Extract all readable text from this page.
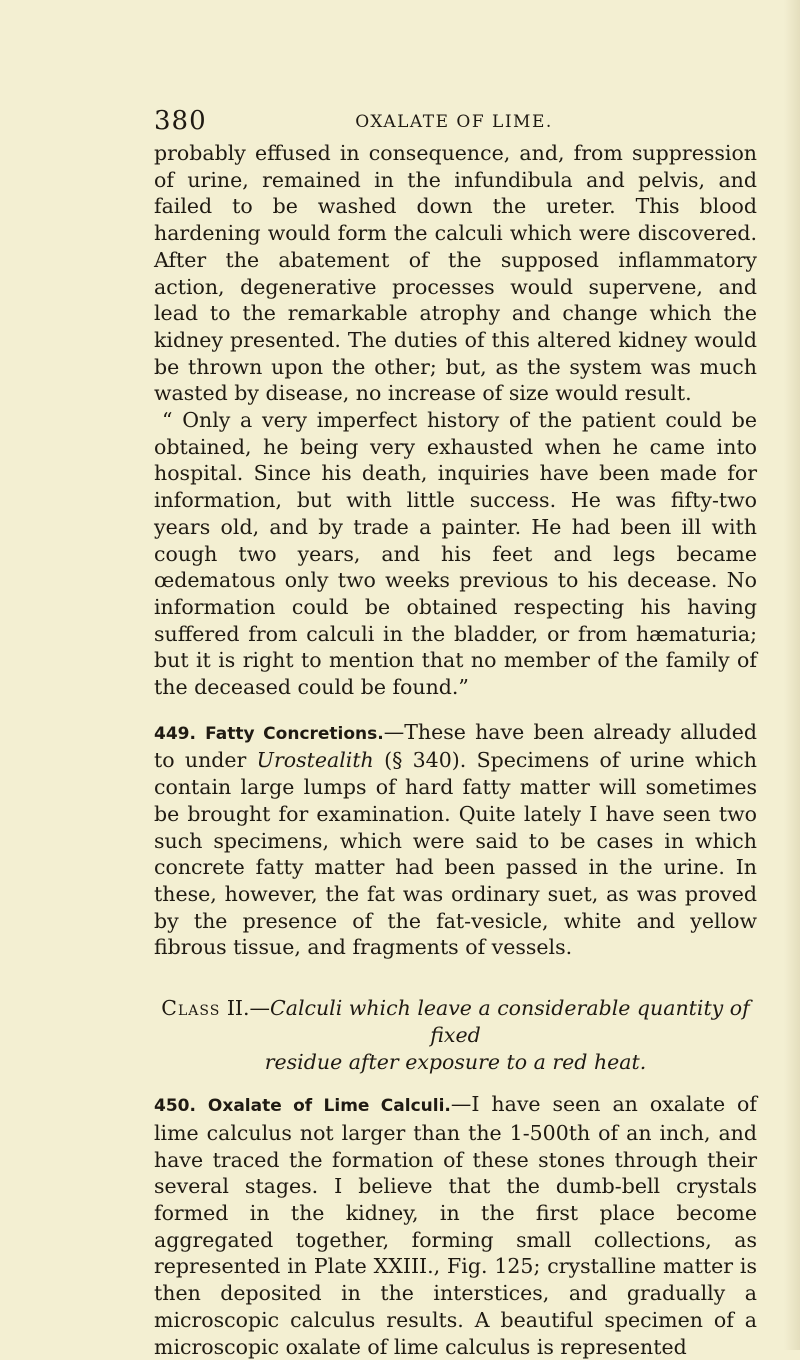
380	OXALATE OF LIME.

probably effused in consequence, and, from suppression of urine, remained in the infundibula and pelvis, and failed to be washed down the ureter. This blood hardening would form the calculi which were discovered. After the abatement of the supposed inflammatory action, degenerative processes would supervene, and lead to the remarkable atrophy and change which the kidney presented. The duties of this altered kidney would be thrown upon the other; but, as the system was much wasted by disease, no increase of size would result.

“ Only a very imperfect history of the patient could be obtained, he being very exhausted when he came into hospital. Since his death, inquiries have been made for information, but with little success. He was fifty-two years old, and by trade a painter. He had been ill with cough two years, and his feet and legs became œdematous only two weeks previous to his decease. No information could be obtained respecting his having suffered from calculi in the bladder, or from hæmaturia; but it is right to mention that no member of the family of the deceased could be found.”

449. Fatty Concretions.—These have been already alluded to under Urostealith (§ 340). Specimens of urine which contain large lumps of hard fatty matter will sometimes be brought for examination. Quite lately I have seen two such specimens, which were said to be cases in which concrete fatty matter had been passed in the urine. In these, however, the fat was ordinary suet, as was proved by the presence of the fat-vesicle, white and yellow fibrous tissue, and fragments of vessels.

Class II.—Calculi which leave a considerable quantity of fixed

residue after exposure to a red heat.

450. Oxalate of Lime Calculi.—I have seen an oxalate of lime calculus not larger than the 1-500th of an inch, and have traced the formation of these stones through their several stages. I believe that the dumb-bell crystals formed in the kidney, in the first place become aggregated together, forming small collections, as represented in Plate XXIII., Fig. 125; crystalline matter is then deposited in the interstices, and gradually a microscopic calculus results. A beautiful specimen of a microscopic oxalate of lime calculus is represented
